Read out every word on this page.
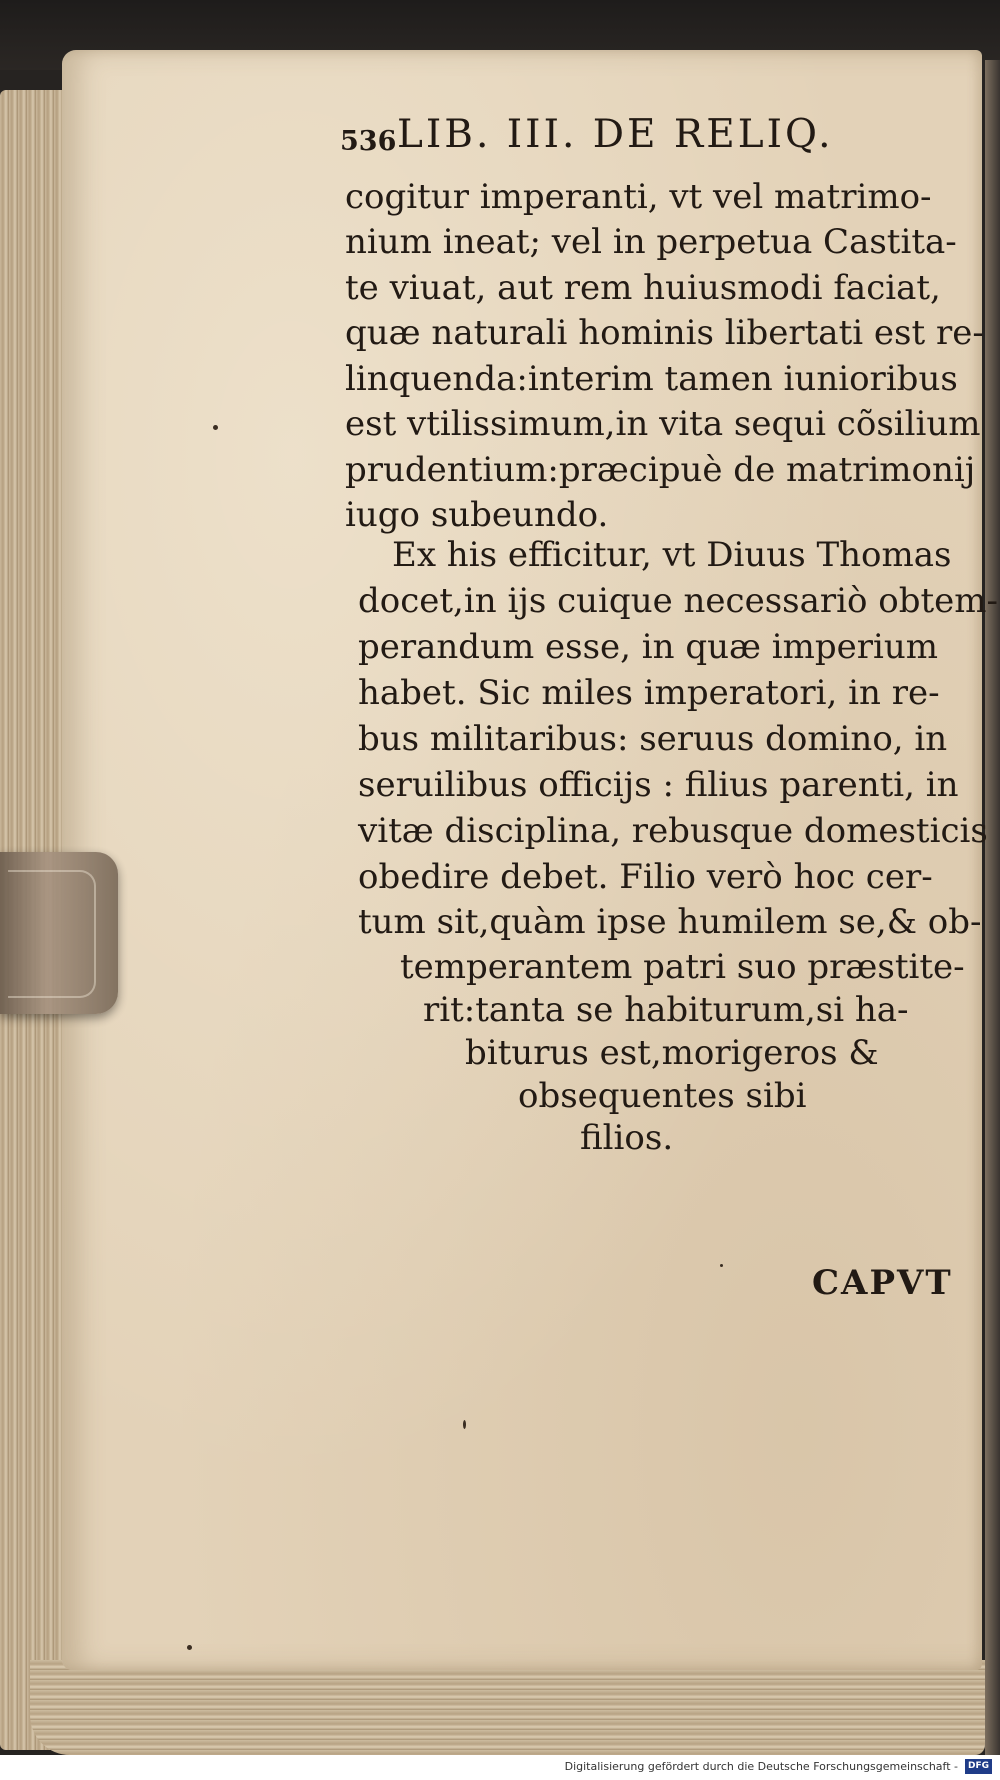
536 LIB. III. DE RELIQ.
cogitur imperanti, vt vel matrimo-
nium ineat; vel in perpetua Castita-
te viuat, aut rem huiusmodi faciat,
quæ naturali hominis libertati est re-
linquenda:interim tamen iunioribus
est vtilissimum,in vita sequi cõsilium
prudentium:præcipuè de matrimonij
iugo subeundo.
Ex his efficitur, vt Diuus Thomas
docet,in ijs cuique necessariò obtem-
perandum esse, in quæ imperium
habet. Sic miles imperatori, in re-
bus militaribus: seruus domino, in
seruilibus officijs : filius parenti, in
vitæ disciplina, rebusque domesticis
obedire debet. Filio verò hoc cer-
tum sit,quàm ipse humilem se,& ob-
temperantem patri suo præstite-
rit:tanta se habiturum,si ha-
biturus est,morigeros &
obsequentes sibi
filios.
CAPVT
Digitalisierung gefördert durch die Deutsche Forschungsgemeinschaft -	DFG
